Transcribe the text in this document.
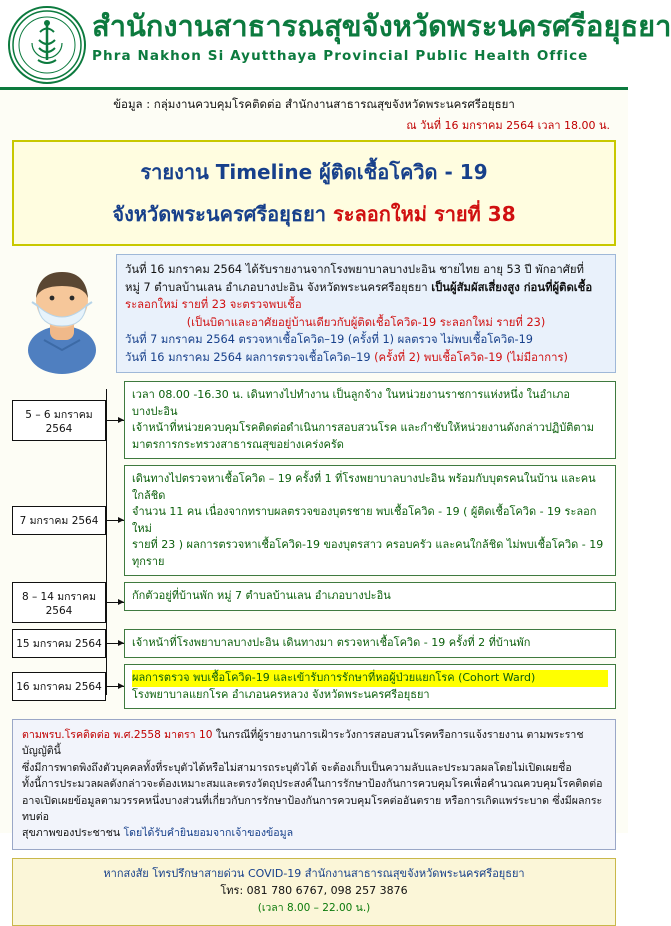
สำนักงานสาธารณสุขจังหวัดพระนครศรีอยุธยา
Phra Nakhon Si Ayutthaya Provincial Public Health Office
ข้อมูล : กลุ่มงานควบคุมโรคติดต่อ สำนักงานสาธารณสุขจังหวัดพระนครศรีอยุธยา
ณ วันที่ 16 มกราคม 2564 เวลา 18.00 น.
รายงาน Timeline ผู้ติดเชื้อโควิด - 19
จังหวัดพระนครศรีอยุธยา ระลอกใหม่ รายที่ 38
วันที่ 16 มกราคม 2564 ได้รับรายงานจากโรงพยาบาลบางปะอิน ชายไทย อายุ 53 ปี พักอาศัยที่
หมู่ 7 ตำบลบ้านเลน อำเภอบางปะอิน จังหวัดพระนครศรีอยุธยา เป็นผู้สัมผัสเสี่ยงสูง ก่อนที่ผู้ติดเชื้อ
ระลอกใหม่ รายที่ 23 จะตรวจพบเชื้อ
(เป็นบิดาและอาศัยอยู่บ้านเดียวกับผู้ติดเชื้อโควิด-19 ระลอกใหม่ รายที่ 23)
วันที่ 7 มกราคม 2564 ตรวจหาเชื้อโควิด–19 (ครั้งที่ 1) ผลตรวจ ไม่พบเชื้อโควิด-19
วันที่ 16 มกราคม 2564 ผลการตรวจเชื้อโควิด–19 (ครั้งที่ 2) พบเชื้อโควิด-19 (ไม่มีอาการ)
5 – 6 มกราคม 2564
เวลา 08.00 -16.30 น. เดินทางไปทำงาน เป็นลูกจ้าง ในหน่วยงานราชการแห่งหนึ่ง ในอำเภอบางปะอิน
เจ้าหน้าที่หน่วยควบคุมโรคติดต่อดำเนินการสอบสวนโรค และกำชับให้หน่วยงานดังกล่าวปฏิบัติตาม
มาตรการกระทรวงสาธารณสุขอย่างเคร่งครัด
7 มกราคม 2564
เดินทางไปตรวจหาเชื้อโควิด – 19 ครั้งที่ 1 ที่โรงพยาบาลบางปะอิน พร้อมกับบุตรคนในบ้าน และคนใกล้ชิด
จำนวน 11 คน เนื่องจากทราบผลตรวจของบุตรชาย พบเชื้อโควิด - 19 ( ผู้ติดเชื้อโควิด - 19 ระลอกใหม่
รายที่ 23 ) ผลการตรวจหาเชื้อโควิด-19 ของบุตรสาว ครอบครัว และคนใกล้ชิด ไม่พบเชื้อโควิด - 19 ทุกราย
8 – 14 มกราคม 2564
กักตัวอยู่ที่บ้านพัก หมู่ 7 ตำบลบ้านเลน อำเภอบางปะอิน
15 มกราคม 2564	เจ้าหน้าที่โรงพยาบาลบางปะอิน เดินทางมา ตรวจหาเชื้อโควิด - 19 ครั้งที่ 2 ที่บ้านพัก
16 มกราคม 2564
ผลการตรวจ พบเชื้อโควิด-19 และเข้ารับการรักษาที่หอผู้ป่วยแยกโรค (Cohort Ward)
โรงพยาบาลแยกโรค อำเภอนครหลวง จังหวัดพระนครศรีอยุธยา
ตามพรบ.โรคติดต่อ พ.ศ.2558 มาตรา 10 ในกรณีที่ผู้รายงานการเฝ้าระวังการสอบสวนโรคหรือการแจ้งรายงาน ตามพระราชบัญญัตินี้
ซึ่งมีการพาดพิงถึงตัวบุคคลทั้งที่ระบุตัวได้หรือไม่สามารถระบุตัวได้ จะต้องเก็บเป็นความลับและประมวลผลโดยไม่เปิดเผยชื่อ
ทั้งนี้การประมวลผลดังกล่าวจะต้องเหมาะสมและตรงวัตถุประสงค์ในการรักษาป้องกันการควบคุมโรคเพื่อคำนวณควบคุมโรคติดต่อ
อาจเปิดเผยข้อมูลตามวรรคหนึ่งบางส่วนที่เกี่ยวกับการรักษาป้องกันการควบคุมโรคต่ออันตราย หรือการเกิดแพร่ระบาด ซึ่งมีผลกระทบต่อ
สุขภาพของประชาชน โดยได้รับคำยินยอมจากเจ้าของข้อมูล
หากสงสัย โทรปรึกษาสายด่วน COVID-19 สำนักงานสาธารณสุขจังหวัดพระนครศรีอยุธยา
โทร: 081 780 6767, 098 257 3876
(เวลา 8.00 – 22.00 น.)
